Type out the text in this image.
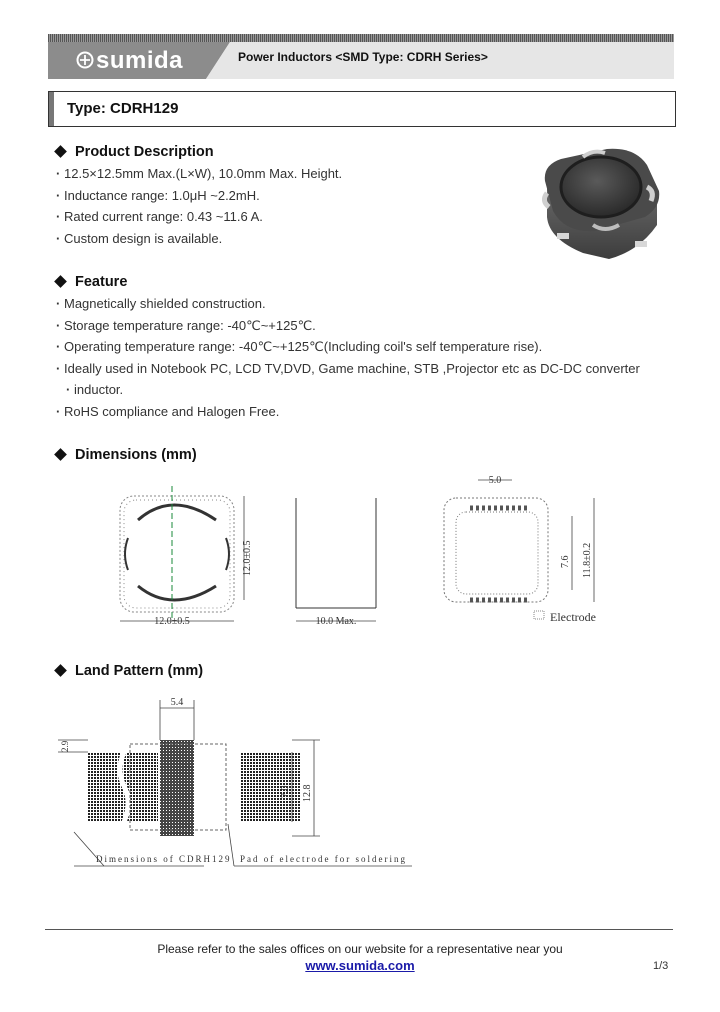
sumida	Power Inductors <SMD Type: CDRH Series>
Type: CDRH129
Product Description
· 12.5×12.5mm Max.(L×W), 10.0mm Max. Height.
· Inductance range: 1.0μH ~2.2mH.
· Rated current range: 0.43 ~11.6 A.
· Custom design is available.
Feature
· Magnetically shielded construction.
· Storage temperature range: -40℃~+125℃.
· Operating temperature range: -40℃~+125℃(Including coil's self temperature rise).
· Ideally used in Notebook PC, LCD TV,DVD, Game machine, STB ,Projector etc as DC-DC converter
· inductor.
· RoHS compliance and Halogen Free.
Dimensions (mm)
12.0±0.5
12.0±0.5
10.0 Max.
5.0
7.6 11.8±0.2
Electrode
Land Pattern (mm)
5.4
2.9
7.0 12.8
Dimensions of CDRH129 Pad of electrode for soldering
Please refer to the sales offices on our website for a representative near you
www.sumida.com	1/3
